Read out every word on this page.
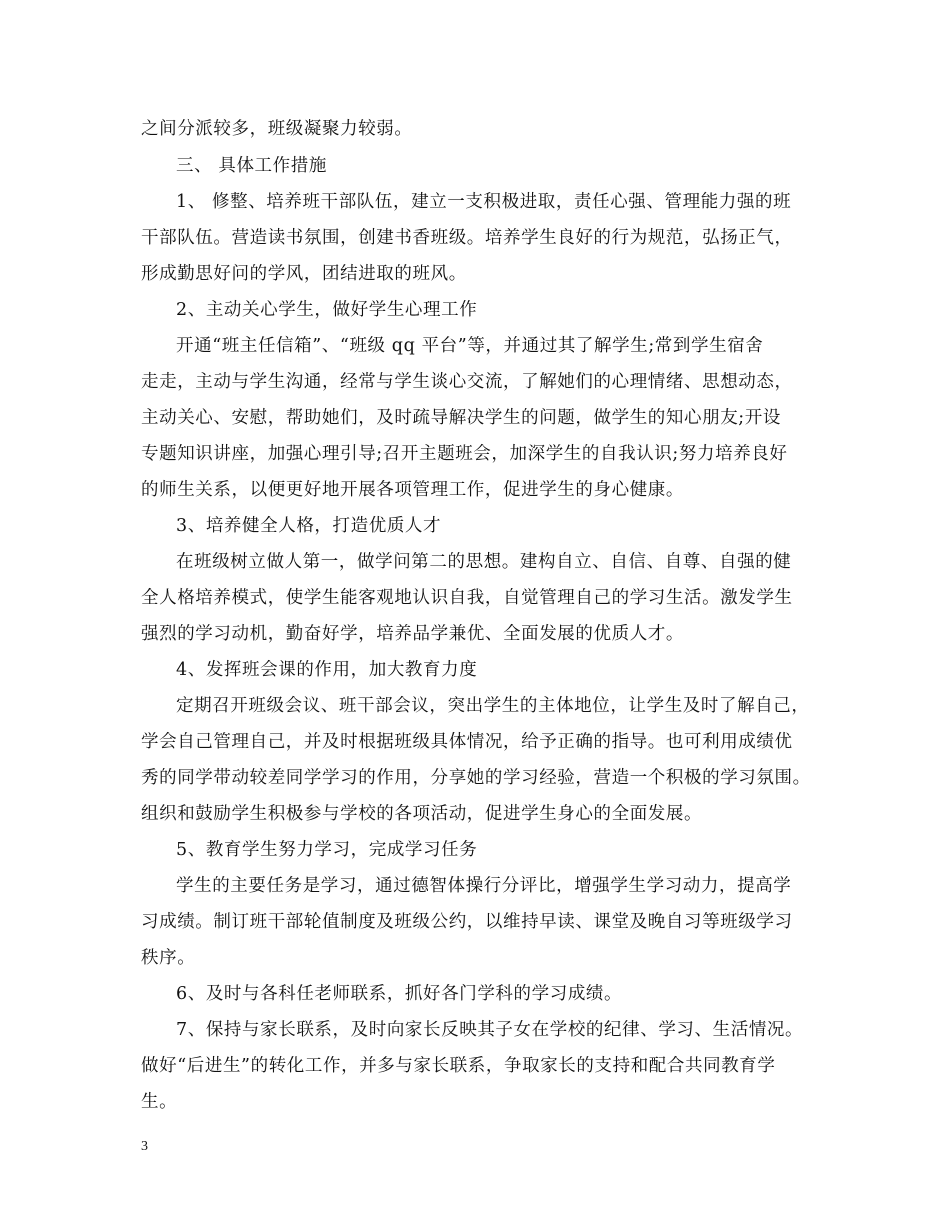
之间分派较多，班级凝聚力较弱。
三、 具体工作措施
1、 修整、培养班干部队伍，建立一支积极进取，责任心强、管理能力强的班
干部队伍。营造读书氛围，创建书香班级。培养学生良好的行为规范，弘扬正气，
形成勤思好问的学风，团结进取的班风。
2、主动关心学生，做好学生心理工作
开通“班主任信箱”、“班级 qq 平台”等，并通过其了解学生;常到学生宿舍
走走，主动与学生沟通，经常与学生谈心交流，了解她们的心理情绪、思想动态，
主动关心、安慰，帮助她们，及时疏导解决学生的问题，做学生的知心朋友;开设
专题知识讲座，加强心理引导;召开主题班会，加深学生的自我认识;努力培养良好
的师生关系，以便更好地开展各项管理工作，促进学生的身心健康。
3、培养健全人格，打造优质人才
在班级树立做人第一，做学问第二的思想。建构自立、自信、自尊、自强的健
全人格培养模式，使学生能客观地认识自我，自觉管理自己的学习生活。激发学生
强烈的学习动机，勤奋好学，培养品学兼优、全面发展的优质人才。
4、发挥班会课的作用，加大教育力度
定期召开班级会议、班干部会议，突出学生的主体地位，让学生及时了解自己，
学会自己管理自己，并及时根据班级具体情况，给予正确的指导。也可利用成绩优
秀的同学带动较差同学学习的作用，分享她的学习经验，营造一个积极的学习氛围。
组织和鼓励学生积极参与学校的各项活动，促进学生身心的全面发展。
5、教育学生努力学习，完成学习任务
学生的主要任务是学习，通过德智体操行分评比，增强学生学习动力，提高学
习成绩。制订班干部轮值制度及班级公约，以维持早读、课堂及晚自习等班级学习
秩序。
6、及时与各科任老师联系，抓好各门学科的学习成绩。
7、保持与家长联系，及时向家长反映其子女在学校的纪律、学习、生活情况。
做好“后进生”的转化工作，并多与家长联系，争取家长的支持和配合共同教育学
生。
3
